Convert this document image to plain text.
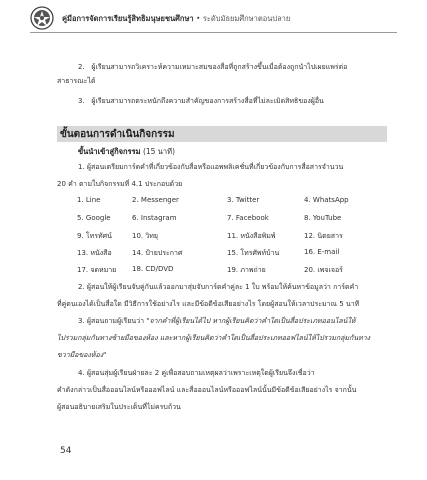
คู่มือการจัดการเรียนรู้สิทธิมนุษยชนศึกษา • ระดับมัธยมศึกษาตอนปลาย
2. ผู้เรียนสามารถวิเคราะห์ความเหมาะสมของสื่อที่ถูกสร้างขึ้นเมื่อต้องถูกนำไปเผยแพร่ต่อ
สาธารณะได้
3. ผู้เรียนสามารถตระหนักถึงความสำคัญของการสร้างสื่อที่ไม่ละเมิดสิทธิของผู้อื่น
ขั้นตอนการดำเนินกิจกรรม
ขั้นนำเข้าสู่กิจกรรม (15 นาที)
1. ผู้สอนเตรียมการ์ดคำที่เกี่ยวข้องกับสื่อหรือแอพพลิเคชั่นที่เกี่ยวข้องกับการสื่อสารจำนวน
20 คำ ตามใบกิจกรรมที่ 4.1 ประกอบด้วย
1. Line	2. Messenger	3. Twitter	4. WhatsApp
5. Google	6. Instagram	7. Facebook	8. YouTube
9. โทรทัศน์	10. วิทยุ	11. หนังสือพิมพ์	12. นิตยสาร
13. หนังสือ	14. ป้ายประกาศ	15. โทรศัพท์บ้าน	16. E-mail
17. จดหมาย 18. CD/DVD	19. ภาพถ่าย	20. เพจเจอร์
2. ผู้สอนให้ผู้เรียนจับคู่กันแล้วออกมาสุ่มจับการ์ดคำคู่ละ 1 ใบ พร้อมให้ค้นหาข้อมูลว่า การ์ดคำ
ที่คู่ตนเองได้เป็นสื่อใด มีวิธีการใช้อย่างไร และมีข้อดีข้อเสียอย่างไร โดยผู้สอนให้เวลาประมาณ 5 นาที
3. ผู้สอนถามผู้เรียนว่า "จากคำที่ผู้เรียนได้ไป หากผู้เรียนคิดว่าคำใดเป็นสื่อประเภทออนไลน์ให้
ไปรวมกลุ่มกันทางซ้ายมือของห้อง และหากผู้เรียนคิดว่าคำใดเป็นสื่อประเภทออฟไลน์ให้ไปรวมกลุ่มกันทาง
ขวามือของห้อง"
4. ผู้สอนสุ่มผู้เรียนฝ่ายละ 2 คู่เพื่อสอบถามเหตุผลว่าเพราะเหตุใดผู้เรียนจึงเชื่อว่า
คำดังกล่าวเป็นสื่อออนไลน์หรือออฟไลน์ และสื่อออนไลน์หรือออฟไลน์นั้นมีข้อดีข้อเสียอย่างไร จากนั้น
ผู้สอนอธิบายเสริมในประเด็นที่ไม่ครบถ้วน
54
